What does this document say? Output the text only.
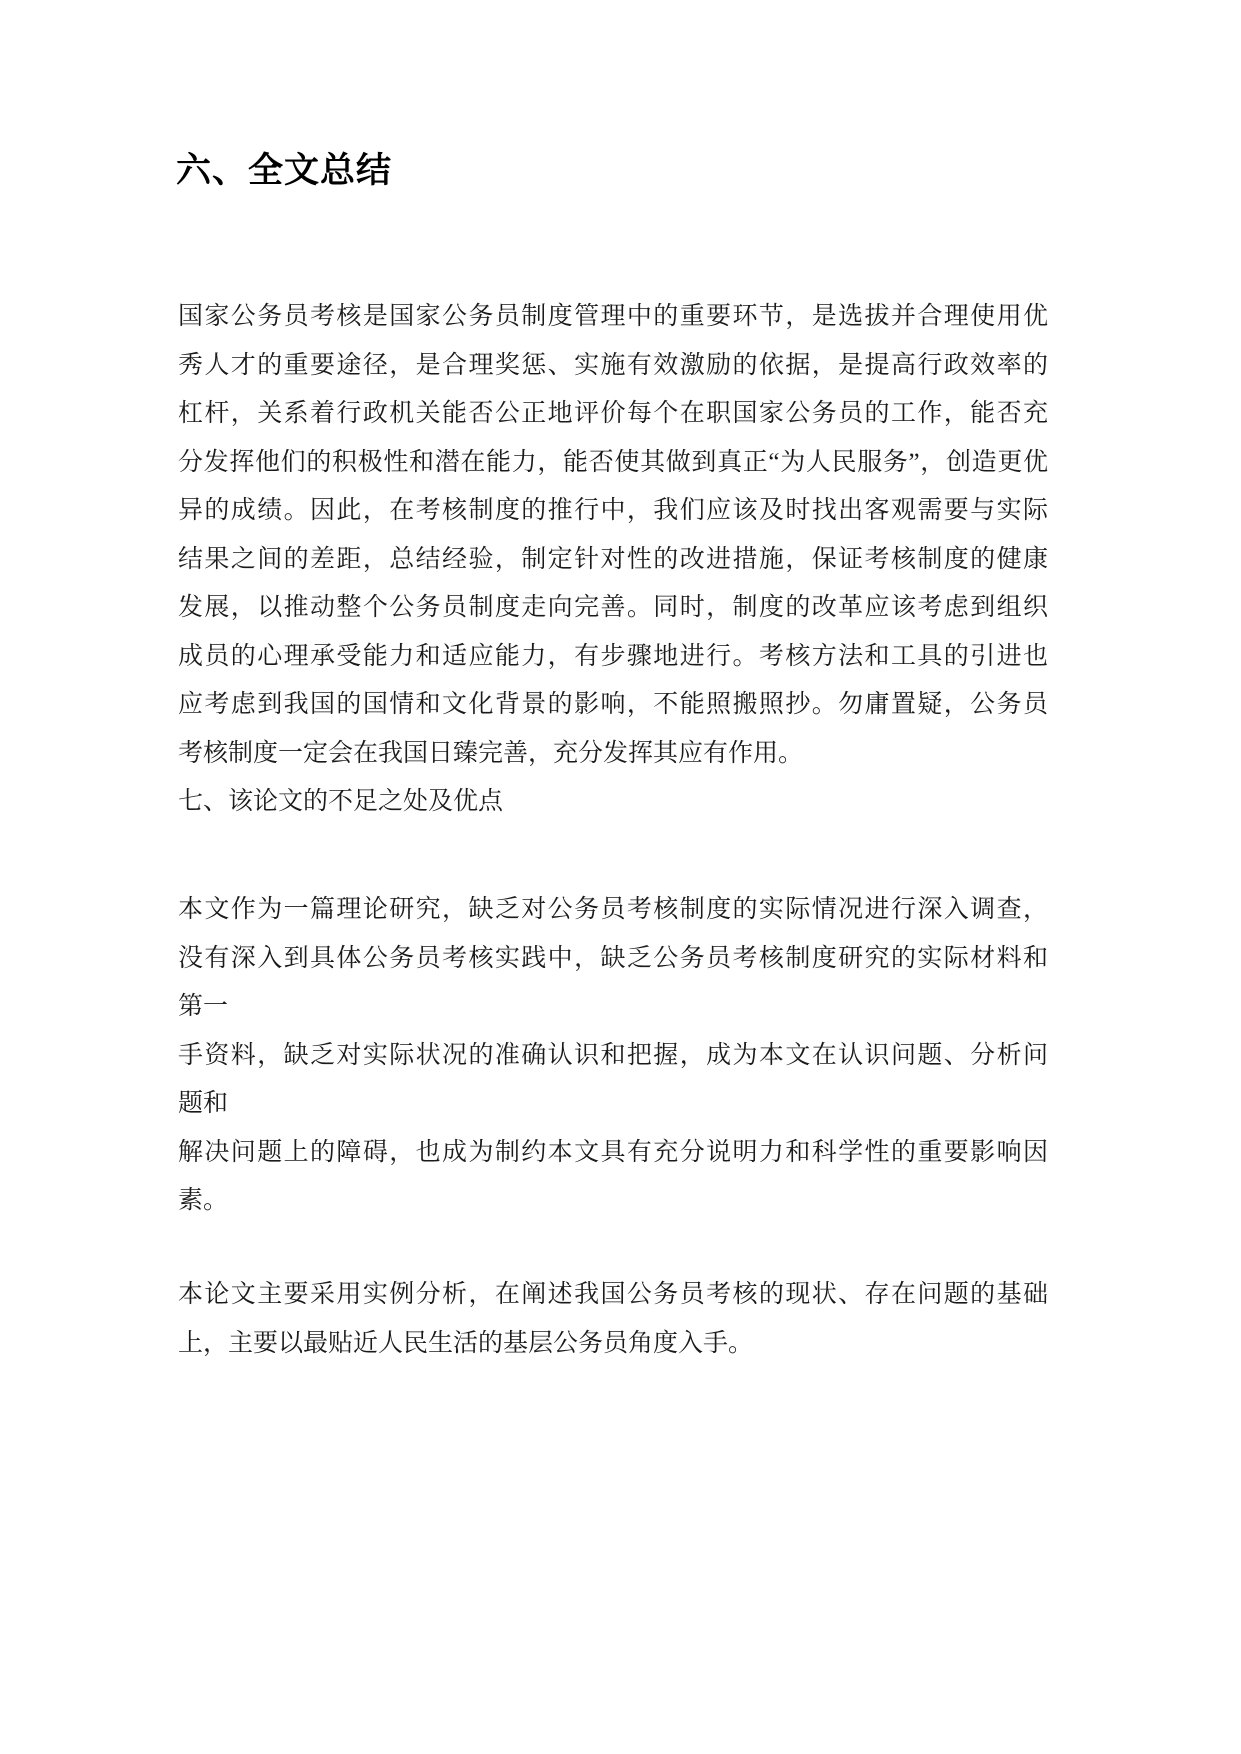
六、全文总结
国家公务员考核是国家公务员制度管理中的重要环节，是选拔并合理使用优
秀人才的重要途径，是合理奖惩、实施有效激励的依据，是提高行政效率的
杠杆，关系着行政机关能否公正地评价每个在职国家公务员的工作，能否充
分发挥他们的积极性和潜在能力，能否使其做到真正“为人民服务”，创造更优
异的成绩。因此，在考核制度的推行中，我们应该及时找出客观需要与实际
结果之间的差距，总结经验，制定针对性的改进措施，保证考核制度的健康
发展，以推动整个公务员制度走向完善。同时，制度的改革应该考虑到组织
成员的心理承受能力和适应能力，有步骤地进行。考核方法和工具的引进也
应考虑到我国的国情和文化背景的影响，不能照搬照抄。勿庸置疑，公务员
考核制度一定会在我国日臻完善，充分发挥其应有作用。
七、该论文的不足之处及优点
本文作为一篇理论研究，缺乏对公务员考核制度的实际情况进行深入调查，
没有深入到具体公务员考核实践中，缺乏公务员考核制度研究的实际材料和
第一
手资料，缺乏对实际状况的准确认识和把握，成为本文在认识问题、分析问
题和
解决问题上的障碍，也成为制约本文具有充分说明力和科学性的重要影响因
素。
本论文主要采用实例分析，在阐述我国公务员考核的现状、存在问题的基础
上，主要以最贴近人民生活的基层公务员角度入手。
